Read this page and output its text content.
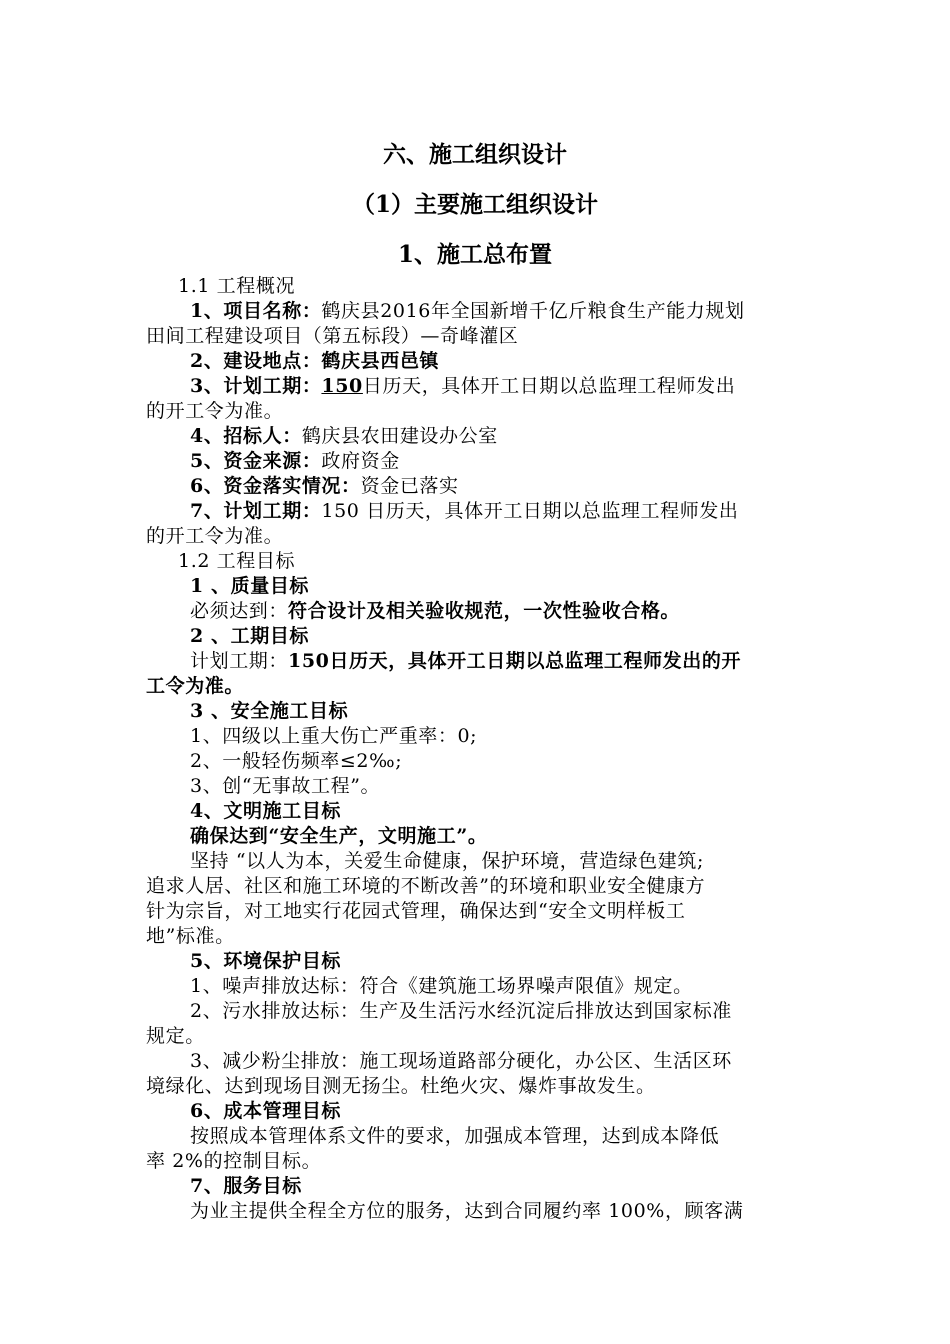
六、施工组织设计
（1）主要施工组织设计
1、施工总布置
1.1 工程概况
1、项目名称：鹤庆县2016年全国新增千亿斤粮食生产能力规划
田间工程建设项目（第五标段）—奇峰灌区
2、建设地点：鹤庆县西邑镇
3、计划工期：150日历天，具体开工日期以总监理工程师发出
的开工令为准。
4、招标人：鹤庆县农田建设办公室
5、资金来源：政府资金
6、资金落实情况：资金已落实
7、计划工期：150 日历天，具体开工日期以总监理工程师发出
的开工令为准。
1.2 工程目标
1 、质量目标
必须达到：符合设计及相关验收规范，一次性验收合格。
2 、工期目标
计划工期：150日历天，具体开工日期以总监理工程师发出的开
工令为准。
3 、安全施工目标
1、四级以上重大伤亡严重率：0;
2、一般轻伤频率≤2‰;
3、创“无事故工程”。
4、文明施工目标
确保达到“安全生产，文明施工”。
坚持 “以人为本，关爱生命健康，保护环境，营造绿色建筑;
追求人居、社区和施工环境的不断改善”的环境和职业安全健康方
针为宗旨，对工地实行花园式管理，确保达到“安全文明样板工
地”标准。
5、环境保护目标
1、噪声排放达标：符合《建筑施工场界噪声限值》规定。
2、污水排放达标：生产及生活污水经沉淀后排放达到国家标准
规定。
3、减少粉尘排放：施工现场道路部分硬化，办公区、生活区环
境绿化、达到现场目测无扬尘。杜绝火灾、爆炸事故发生。
6、成本管理目标
按照成本管理体系文件的要求，加强成本管理，达到成本降低
率 2%的控制目标。
7、服务目标
为业主提供全程全方位的服务，达到合同履约率 100%，顾客满
